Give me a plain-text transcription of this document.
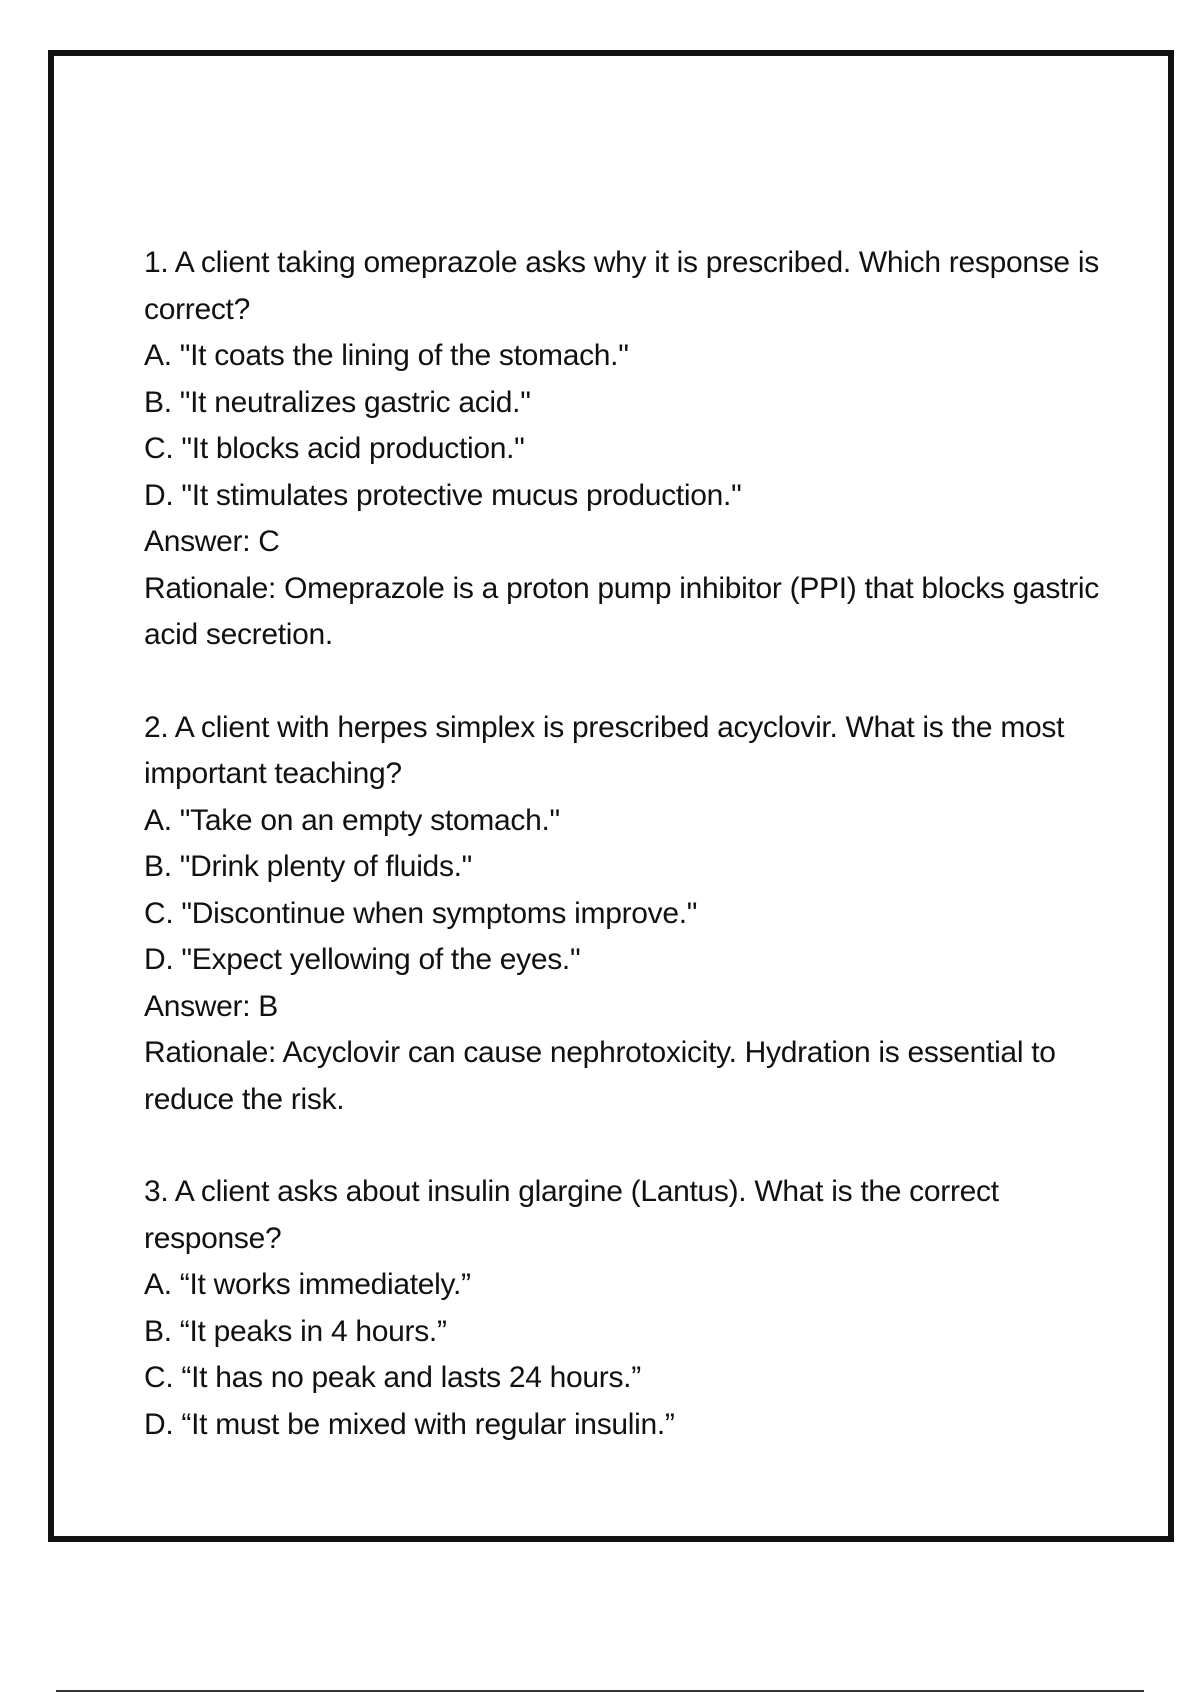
1. A client taking omeprazole asks why it is prescribed. Which response is correct?

A. "It coats the lining of the stomach."

B. "It neutralizes gastric acid."

C. "It blocks acid production."

D. "It stimulates protective mucus production."

Answer: C

Rationale: Omeprazole is a proton pump inhibitor (PPI) that blocks gastric acid secretion.

2. A client with herpes simplex is prescribed acyclovir. What is the most important teaching?

A. "Take on an empty stomach."

B. "Drink plenty of fluids."

C. "Discontinue when symptoms improve."

D. "Expect yellowing of the eyes."

Answer: B

Rationale: Acyclovir can cause nephrotoxicity. Hydration is essential to reduce the risk.

3. A client asks about insulin glargine (Lantus). What is the correct response?

A. “It works immediately.”

B. “It peaks in 4 hours.”

C. “It has no peak and lasts 24 hours.”

D. “It must be mixed with regular insulin.”
